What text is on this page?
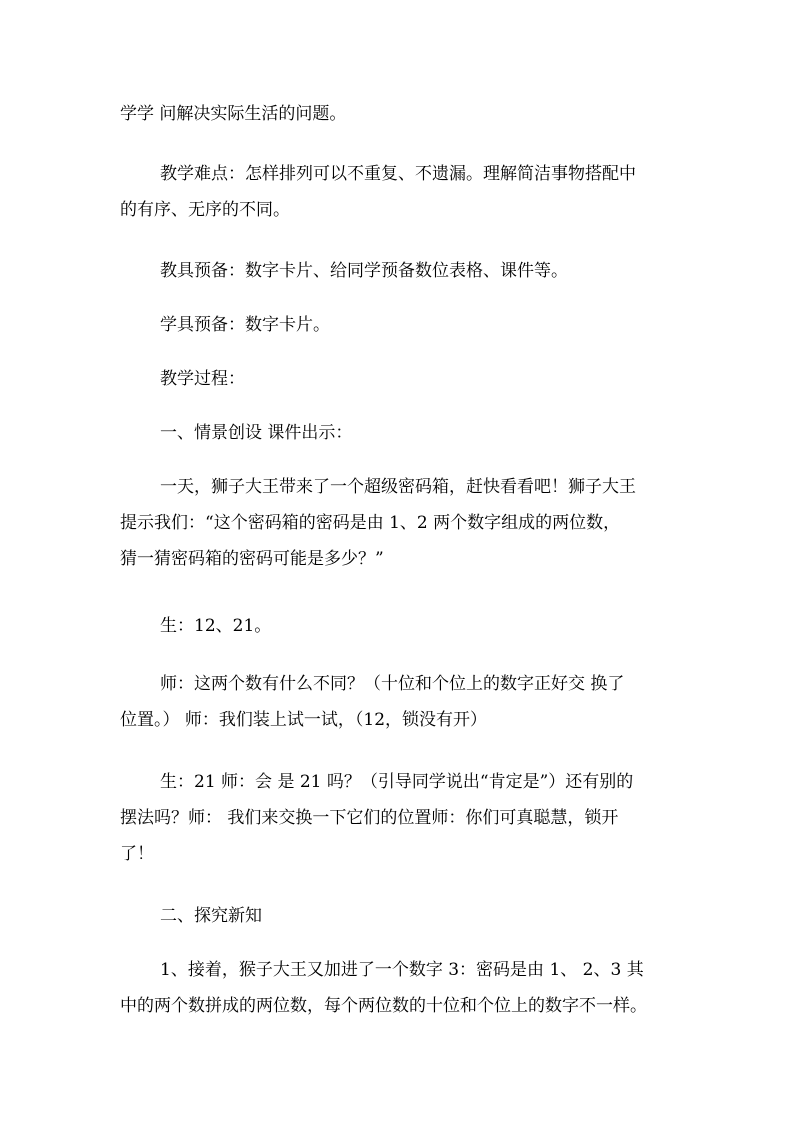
学学 问解决实际生活的问题。

教学难点：怎样排列可以不重复、不遗漏。理解简洁事物搭配中
的有序、无序的不同。

教具预备：数字卡片、给同学预备数位表格、课件等。

学具预备：数字卡片。

教学过程：

一、情景创设 课件出示：

一天，狮子大王带来了一个超级密码箱，赶快看看吧！狮子大王
提示我们：“这个密码箱的密码是由 1、2 两个数字组成的两位数，
猜一猜密码箱的密码可能是多少？”

生：12、21。

师：这两个数有什么不同？（十位和个位上的数字正好交 换了
位置。） 师：我们装上试一试，（12，锁没有开）

生：21 师：会 是 21 吗？（引导同学说出“肯定是”）还有别的
摆法吗？师： 我们来交换一下它们的位置师：你们可真聪慧，锁开
了！

二、探究新知

1、接着，猴子大王又加进了一个数字 3：密码是由 1、 2、3 其
中的两个数拼成的两位数，每个两位数的十位和个位上的数字不一样。
